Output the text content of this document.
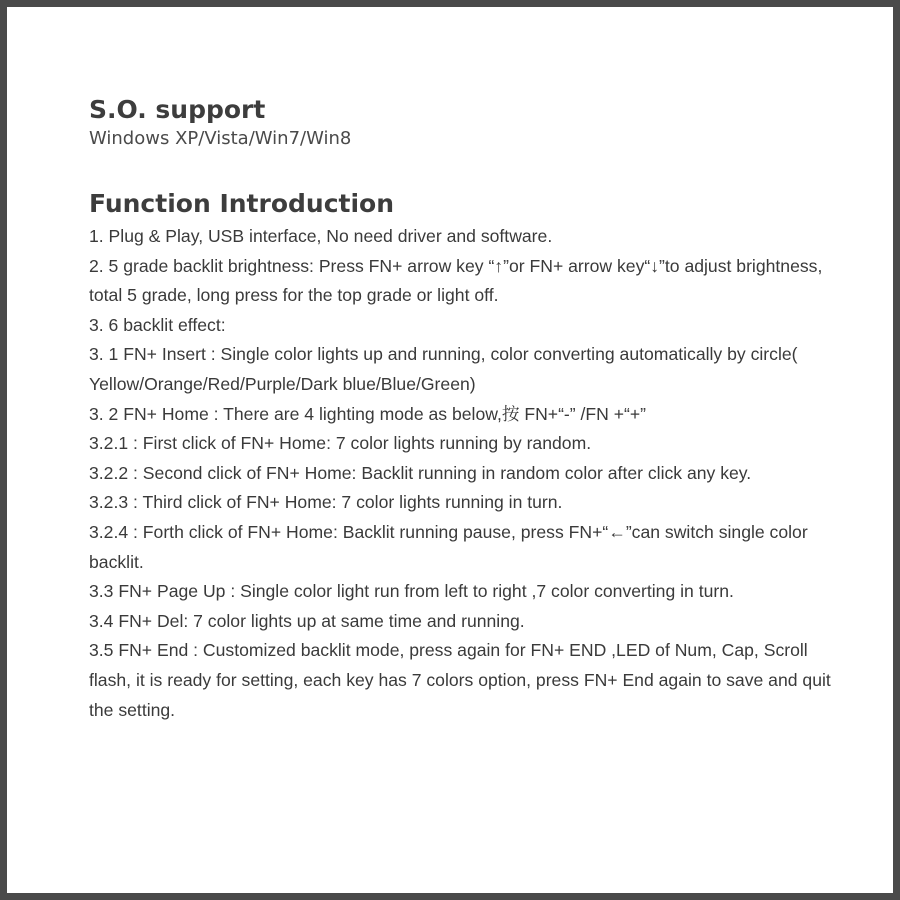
S.O. support
Windows XP/Vista/Win7/Win8
Function Introduction
1. Plug & Play, USB interface, No need driver and software.
2. 5 grade backlit brightness: Press FN+ arrow key “↑”or FN+ arrow key“↓”to adjust brightness, total 5 grade, long press for the top grade or light off.
3. 6 backlit effect:
3. 1 FN+ Insert : Single color lights up and running, color converting automatically by circle( Yellow/Orange/Red/Purple/Dark blue/Blue/Green)
3. 2 FN+ Home : There are 4 lighting mode as below,按 FN+“-” /FN +“+”
3.2.1 : First click of FN+ Home: 7 color lights running by random.
3.2.2 : Second click of FN+ Home: Backlit running in random color after click any key.
3.2.3 : Third click of FN+ Home: 7 color lights running in turn.
3.2.4 : Forth click of FN+ Home: Backlit running pause, press FN+“←”can switch single color backlit.
3.3 FN+ Page Up : Single color light run from left to right ,7 color converting in turn.
3.4 FN+ Del: 7 color lights up at same time and running.
3.5 FN+ End : Customized backlit mode, press again for FN+ END ,LED of Num, Cap, Scroll flash, it is ready for setting, each key has 7 colors option, press FN+ End again to save and quit the setting.
